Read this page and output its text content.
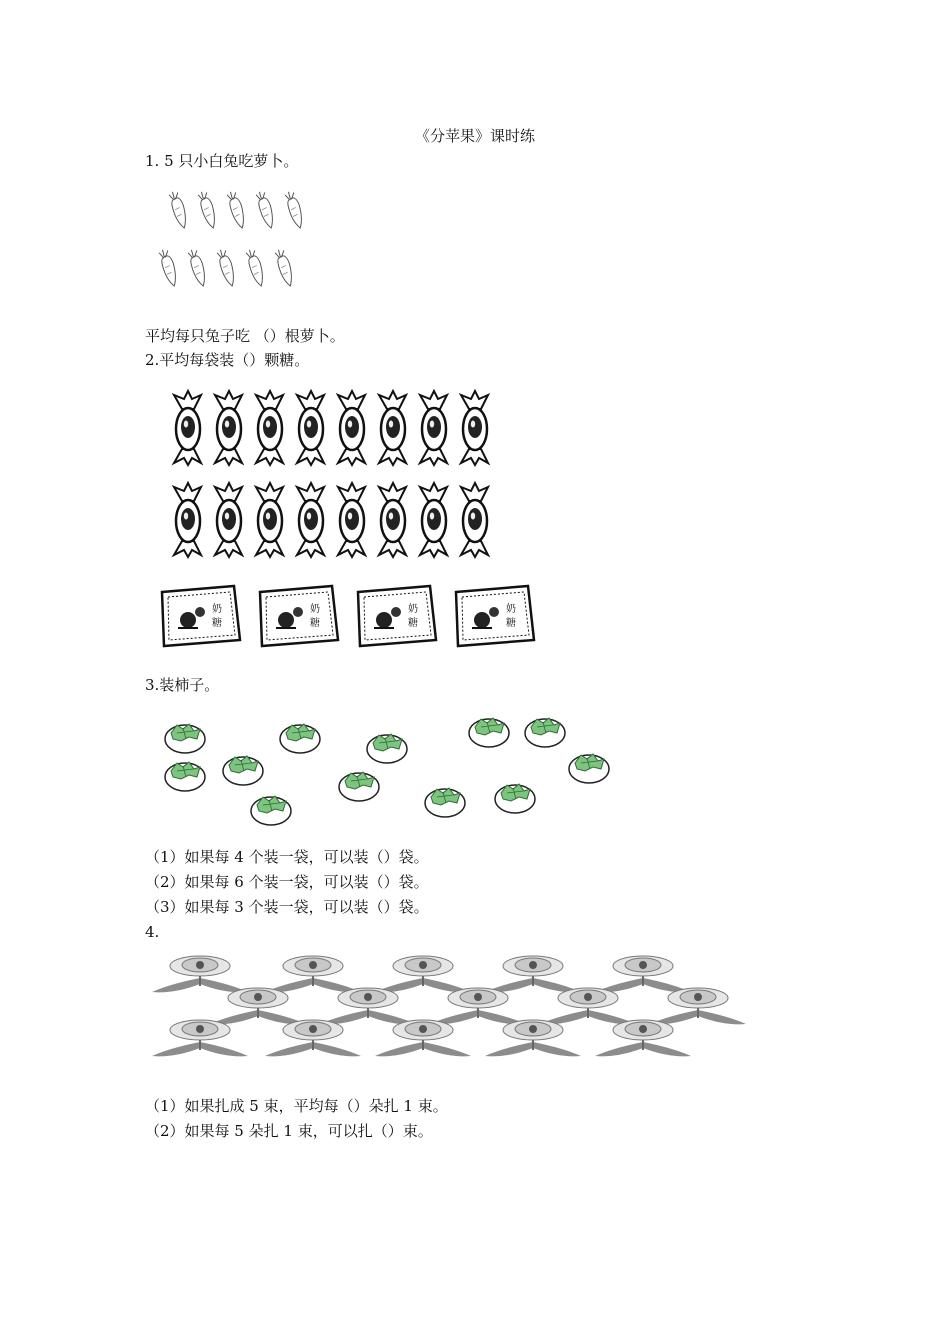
《分苹果》课时练
1. 5 只小白兔吃萝卜。
平均每只兔子吃 （）根萝卜。
2.平均每袋装（）颗糖。
奶
糖
奶
糖
奶
糖
奶
糖
3.装柿子。
（1）如果每 4 个装一袋，可以装（）袋。
（2）如果每 6 个装一袋，可以装（）袋。
（3）如果每 3 个装一袋，可以装（）袋。
4.
（1）如果扎成 5 束，平均每（）朵扎 1 束。
（2）如果每 5 朵扎 1 束，可以扎（）束。
